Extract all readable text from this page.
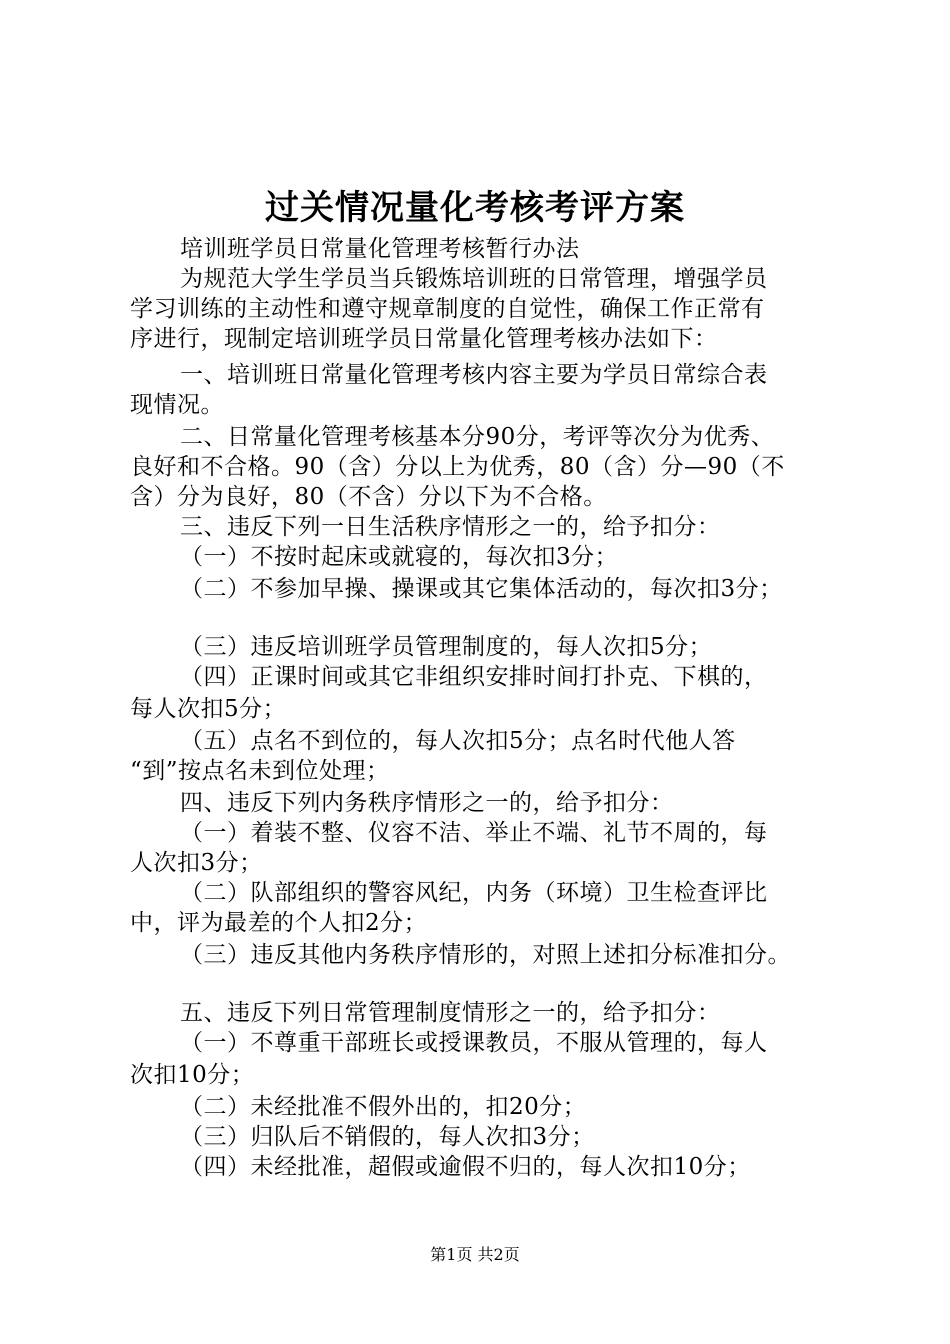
过关情况量化考核考评方案
培训班学员日常量化管理考核暂行办法
为规范大学生学员当兵锻炼培训班的日常管理，增强学员
学习训练的主动性和遵守规章制度的自觉性，确保工作正常有
序进行，现制定培训班学员日常量化管理考核办法如下：
一、培训班日常量化管理考核内容主要为学员日常综合表
现情况。
二、日常量化管理考核基本分90分，考评等次分为优秀、
良好和不合格。90（含）分以上为优秀，80（含）分—90（不
含）分为良好，80（不含）分以下为不合格。
三、违反下列一日生活秩序情形之一的，给予扣分：
（一）不按时起床或就寝的，每次扣3分；
（二）不参加早操、操课或其它集体活动的，每次扣3分；
（三）违反培训班学员管理制度的，每人次扣5分；
（四）正课时间或其它非组织安排时间打扑克、下棋的，
每人次扣5分；
（五）点名不到位的，每人次扣5分；点名时代他人答
“到”按点名未到位处理；
四、违反下列内务秩序情形之一的，给予扣分：
（一）着装不整、仪容不洁、举止不端、礼节不周的，每
人次扣3分；
（二）队部组织的警容风纪，内务（环境）卫生检查评比
中，评为最差的个人扣2分；
（三）违反其他内务秩序情形的，对照上述扣分标准扣分。
五、违反下列日常管理制度情形之一的，给予扣分：
（一）不尊重干部班长或授课教员，不服从管理的，每人
次扣10分；
（二）未经批准不假外出的，扣20分；
（三）归队后不销假的，每人次扣3分；
（四）未经批准，超假或逾假不归的，每人次扣10分；
第1页 共2页
